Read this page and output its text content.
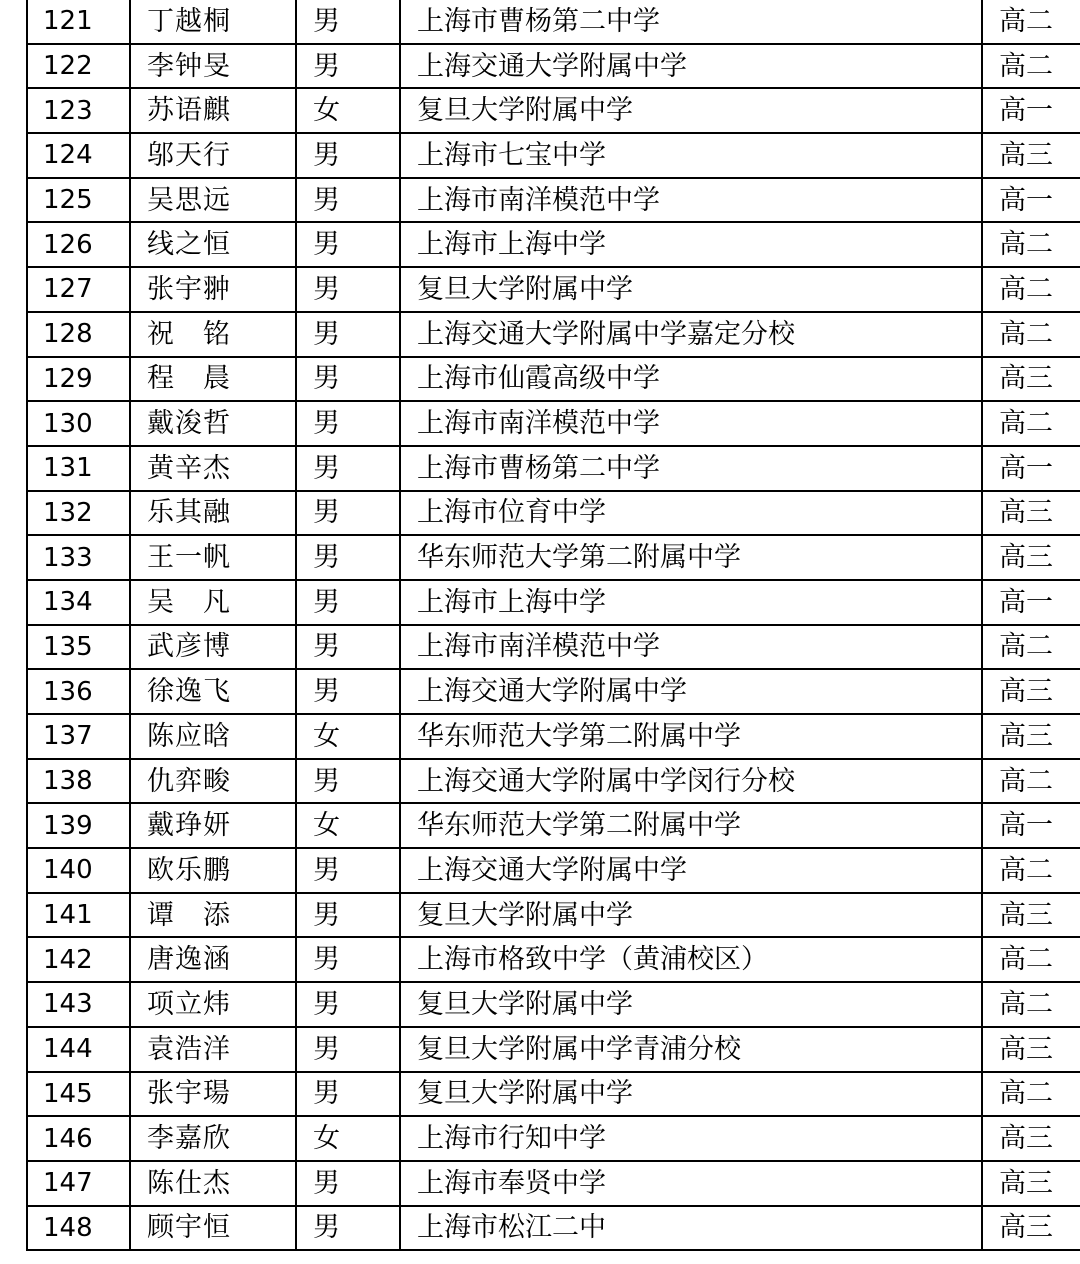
121	丁越桐	男	上海市曹杨第二中学	高二
122	李钟旻	男	上海交通大学附属中学	高二
123	苏语麒	女	复旦大学附属中学	高一
124	邬天行	男	上海市七宝中学	高三
125	吴思远	男	上海市南洋模范中学	高一
126	线之恒	男	上海市上海中学	高二
127	张宇翀	男	复旦大学附属中学	高二
128	祝　铭	男	上海交通大学附属中学嘉定分校	高二
129	程　晨	男	上海市仙霞高级中学	高三
130	戴浚哲	男	上海市南洋模范中学	高二
131	黄辛杰	男	上海市曹杨第二中学	高一
132	乐其融	男	上海市位育中学	高三
133	王一帆	男	华东师范大学第二附属中学	高三
134	吴　凡	男	上海市上海中学	高一
135	武彦博	男	上海市南洋模范中学	高二
136	徐逸飞	男	上海交通大学附属中学	高三
137	陈应晗	女	华东师范大学第二附属中学	高三
138	仇弈畯	男	上海交通大学附属中学闵行分校	高二
139	戴琤妍	女	华东师范大学第二附属中学	高一
140	欧乐鹏	男	上海交通大学附属中学	高二
141	谭　添	男	复旦大学附属中学	高三
142	唐逸涵	男	上海市格致中学（黄浦校区）	高二
143	项立炜	男	复旦大学附属中学	高二
144	袁浩洋	男	复旦大学附属中学青浦分校	高三
145	张宇瑒	男	复旦大学附属中学	高二
146	李嘉欣	女	上海市行知中学	高三
147	陈仕杰	男	上海市奉贤中学	高三
148	顾宇恒	男	上海市松江二中	高三
